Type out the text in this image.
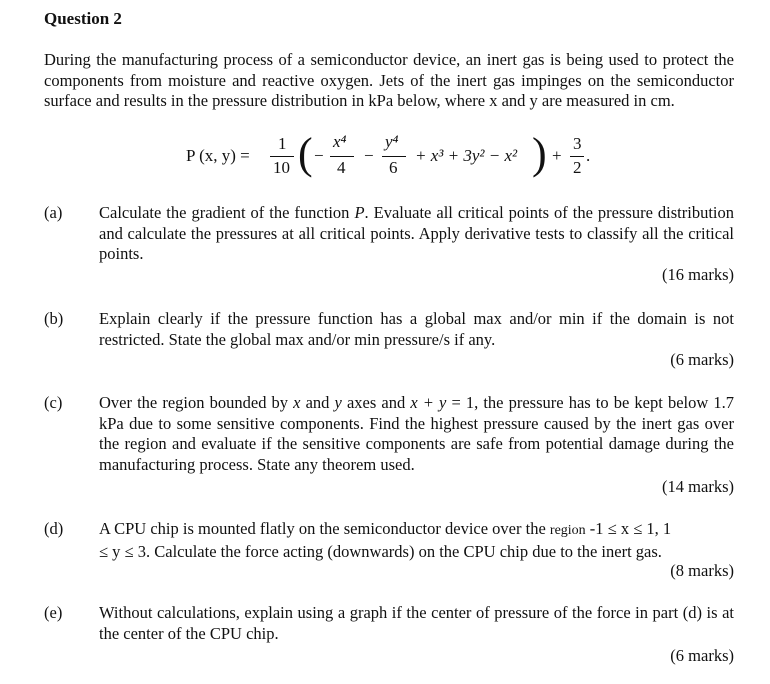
Question 2
During the manufacturing process of a semiconductor device, an inert gas is being used to protect the components from moisture and reactive oxygen. Jets of the inert gas impinges on the semiconductor surface and results in the pressure distribution in kPa below, where x and y are measured in cm.
P (x, y) =
1
10 ( −
x⁴
4
−
y⁴
6
+ x³ + 3y² − x² ) +
3
2
.
(a) Calculate the gradient of the function P. Evaluate all critical points of the pressure distribution and calculate the pressures at all critical points. Apply derivative tests to classify all the critical points.
(16 marks)
(b) Explain clearly if the pressure function has a global max and/or min if the domain is not restricted. State the global max and/or min pressure/s if any.
(6 marks)
(c) Over the region bounded by x and y axes and x + y = 1, the pressure has to be kept below 1.7 kPa due to some sensitive components. Find the highest pressure caused by the inert gas over the region and evaluate if the sensitive components are safe from potential damage during the manufacturing process. State any theorem used.
(14 marks)
(d) A CPU chip is mounted flatly on the semiconductor device over the region -1 ≤ x ≤ 1, 1
≤ y ≤ 3. Calculate the force acting (downwards) on the CPU chip due to the inert gas.
(8 marks)
(e) Without calculations, explain using a graph if the center of pressure of the force in part (d) is at the center of the CPU chip.
(6 marks)
